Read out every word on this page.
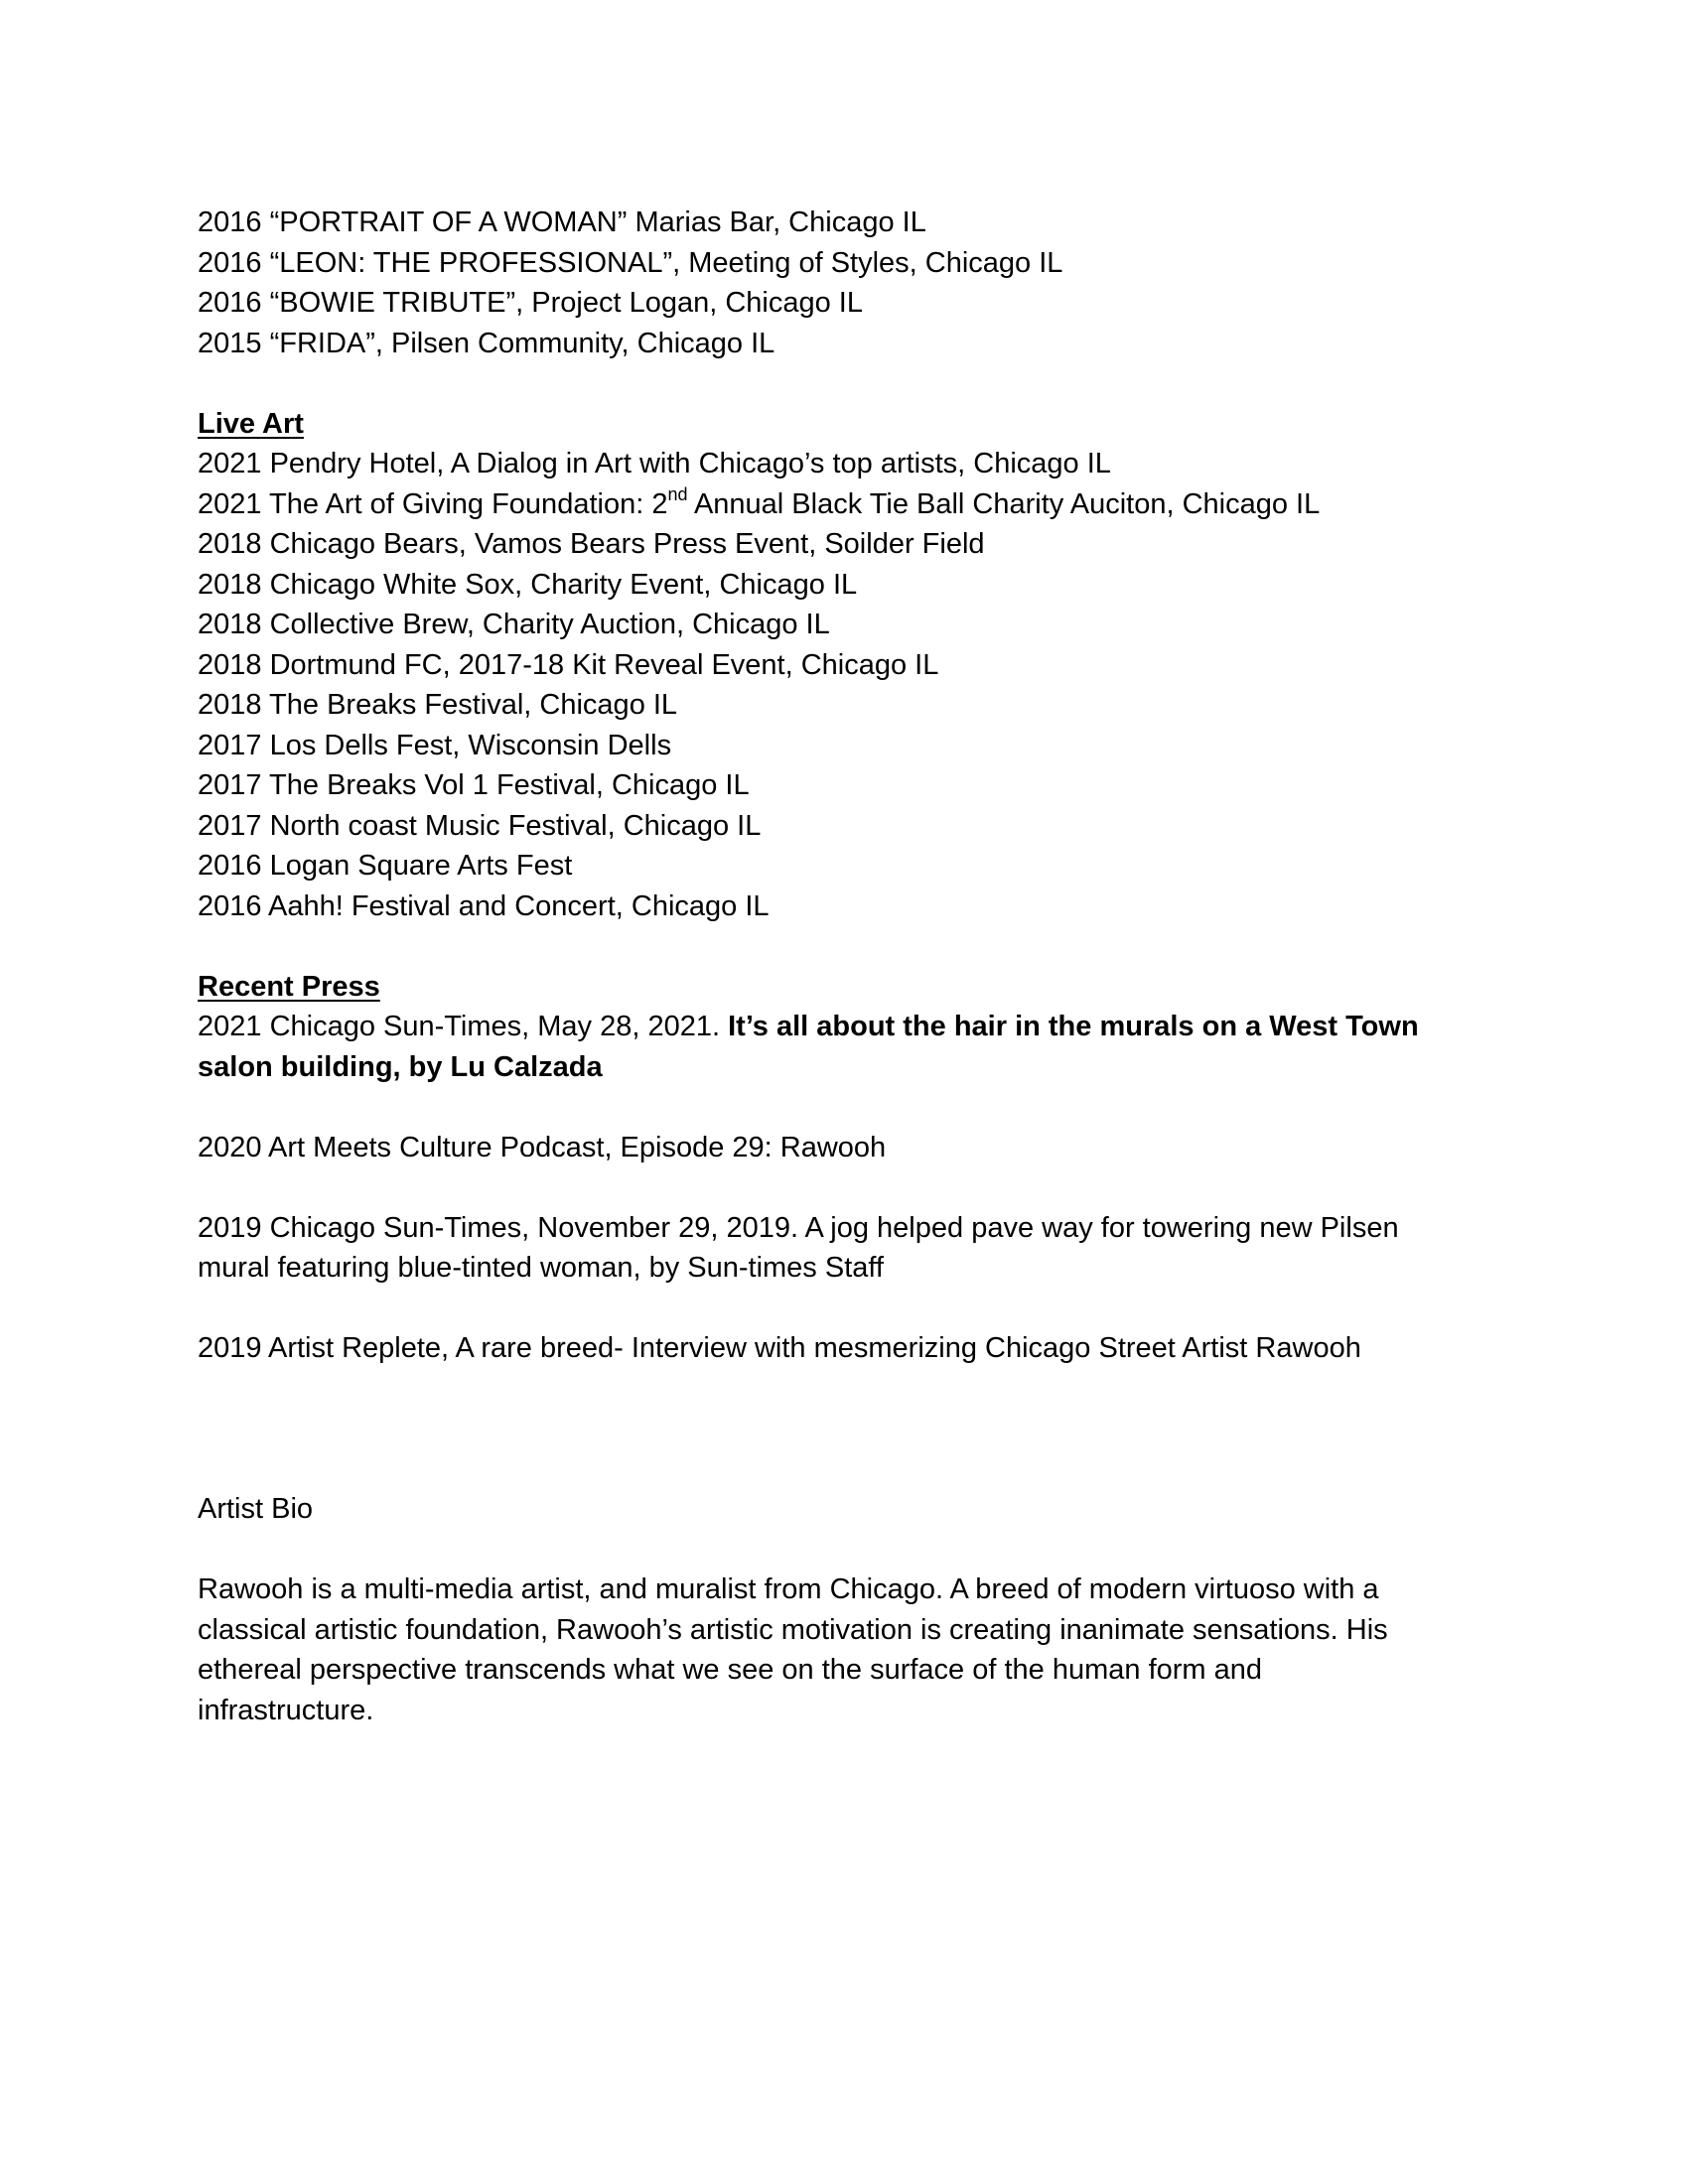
2016 “PORTRAIT OF A WOMAN” Marias Bar, Chicago IL
2016 “LEON: THE PROFESSIONAL”, Meeting of Styles, Chicago IL
2016 “BOWIE TRIBUTE”, Project Logan, Chicago IL
2015 “FRIDA”, Pilsen Community, Chicago IL
Live Art
2021 Pendry Hotel, A Dialog in Art with Chicago’s top artists, Chicago IL
2021 The Art of Giving Foundation: 2nd Annual Black Tie Ball Charity Auciton, Chicago IL
2018 Chicago Bears, Vamos Bears Press Event, Soilder Field
2018 Chicago White Sox, Charity Event, Chicago IL
2018 Collective Brew, Charity Auction, Chicago IL
2018 Dortmund FC, 2017-18 Kit Reveal Event, Chicago IL
2018 The Breaks Festival, Chicago IL
2017 Los Dells Fest, Wisconsin Dells
2017 The Breaks Vol 1 Festival, Chicago IL
2017 North coast Music Festival, Chicago IL
2016 Logan Square Arts Fest
2016 Aahh! Festival and Concert, Chicago IL
Recent Press
2021 Chicago Sun-Times, May 28, 2021. It’s all about the hair in the murals on a West Town
salon building, by Lu Calzada
2020 Art Meets Culture Podcast, Episode 29: Rawooh
2019 Chicago Sun-Times, November 29, 2019. A jog helped pave way for towering new Pilsen
mural featuring blue-tinted woman, by Sun-times Staff
2019 Artist Replete, A rare breed- Interview with mesmerizing Chicago Street Artist Rawooh
Artist Bio
Rawooh is a multi-media artist, and muralist from Chicago. A breed of modern virtuoso with a
classical artistic foundation, Rawooh’s artistic motivation is creating inanimate sensations. His
ethereal perspective transcends what we see on the surface of the human form and
infrastructure.
